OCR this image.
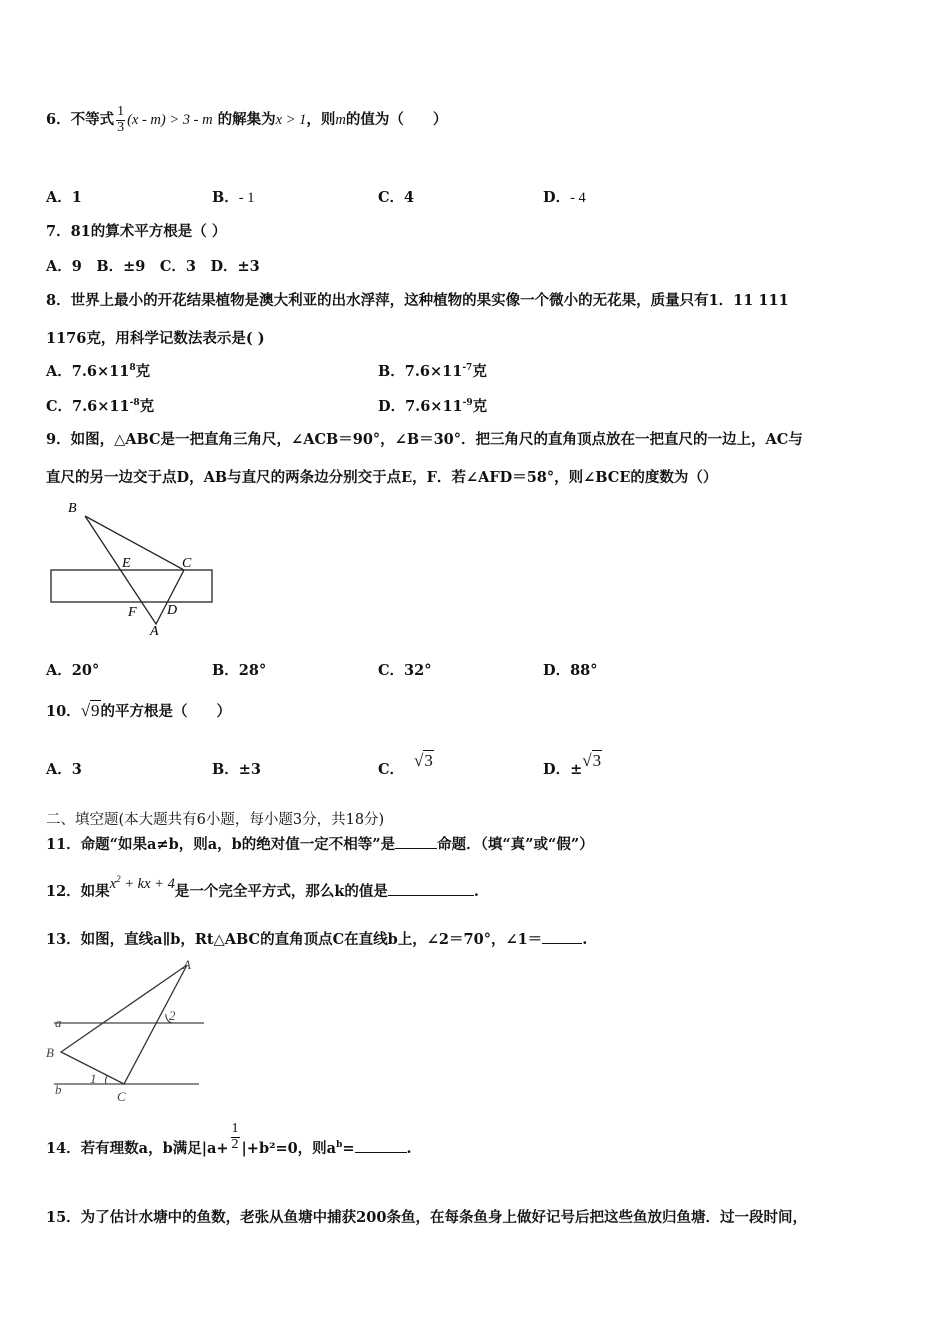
6．不等式 $\frac{1}{3} (x - m) > 3 - m$ 的解集为x > 1，则m的值为（　　）
A．1	B．- 1	C．4	D．- 4
7．81的算术平方根是（ ）
A．9　B．±9　C．3　D．±3
8．世界上最小的开花结果植物是澳大利亚的出水浮萍，这种植物的果实像一个微小的无花果，质量只有1．11 111
1176克，用科学记数法表示是( )
A．$7.6\times 11^8$克	B．$7.6\times 11^{-7}$克
C．$7.6\times 11^{-8}$克	D．$7.6\times 11^{-9}$克
9．如图，△ABC是一把直角三角尺，∠ACB＝90°，∠B＝30°．把三角尺的直角顶点放在一把直尺的一边上，AC与
直尺的另一边交于点D，AB与直尺的两条边分别交于点E，F．若∠AFD＝58°，则∠BCE的度数为（）
B
E	C
F D
A
A．20°	B．28°	C．32°	D．88°
10．√9的平方根是（　　）
A．3	B．±3	C． √3	D．±√3
二、填空题(本大题共有6小题，每小题3分，共18分)
11．命题“如果a≠b，则a，b的绝对值一定不相等”是	命题．（填“真”或“假”）
12．如果$x^2$ + kx + 4是一个完全平方式，那么k的值是	.
13．如图，直线a∥b，Rt△ABC的直角顶点C在直线b上，∠2＝70°，∠1＝	.
A
a	2
B
b
1
C
14．若有理数a，b满足$|a+ \frac{1}{2} |+b^2=0$，则ab=	.
15．为了估计水塘中的鱼数，老张从鱼塘中捕获200条鱼，在每条鱼身上做好记号后把这些鱼放归鱼塘．过一段时间，
